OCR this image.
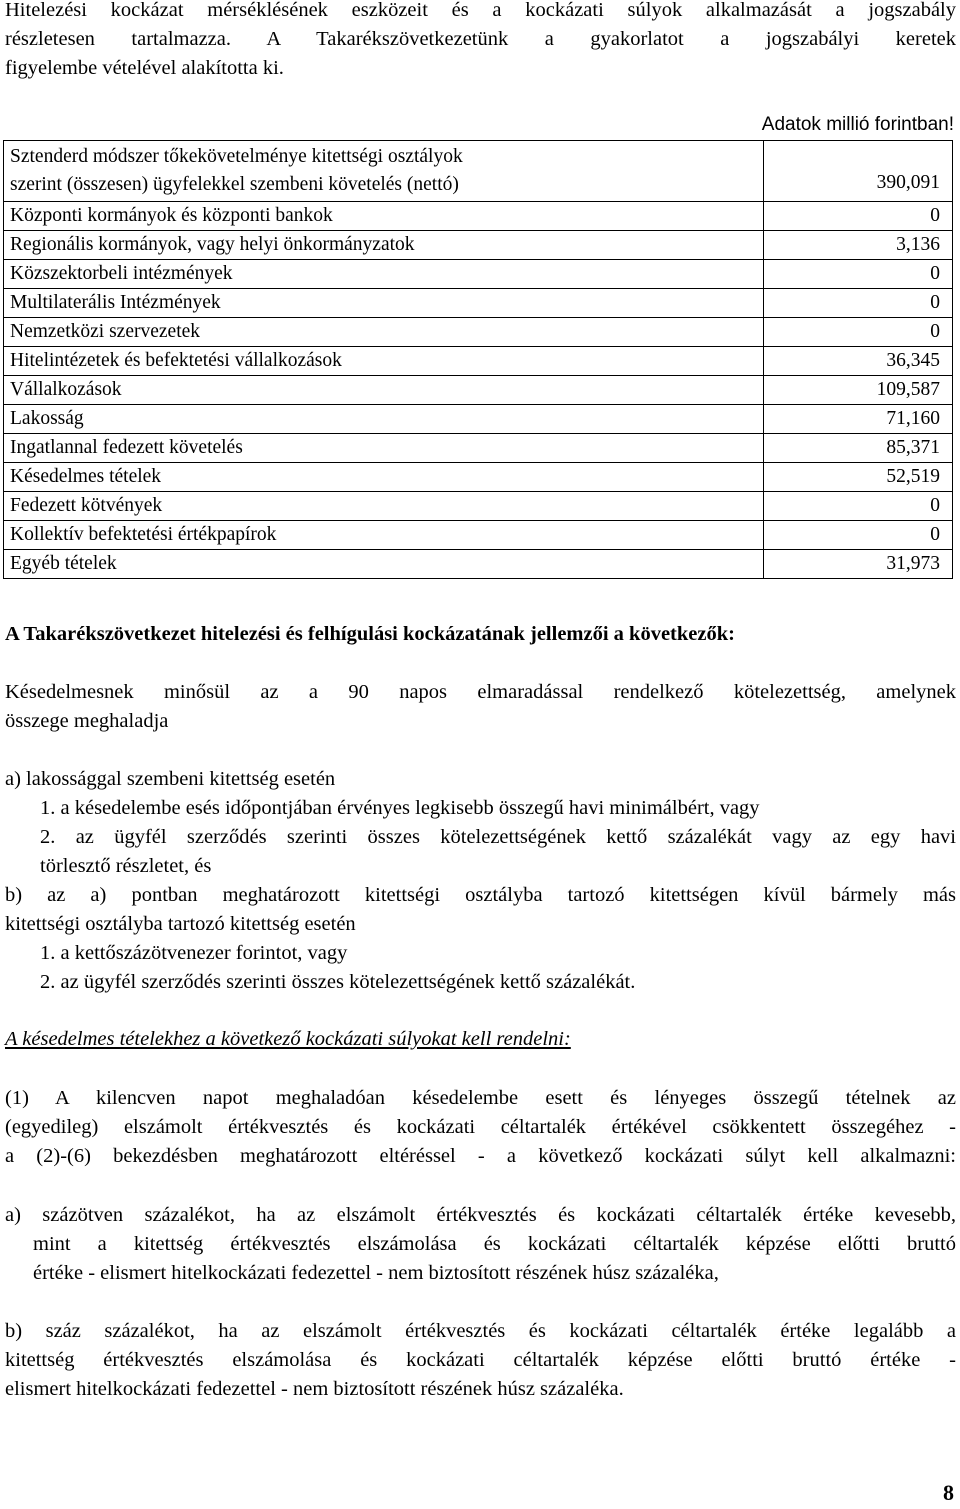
Hitelezési kockázat mérséklésének eszközeit és a kockázati súlyok alkalmazását a jogszabály

részletesen tartalmazza. A Takarékszövetkezetünk a gyakorlatot a jogszabályi keretek

figyelembe vételével alakította ki.

Adatok millió forintban!
Sztenderd módszer tőkekövetelménye kitettségi osztályok
szerint (összesen) ügyfelekkel szembeni követelés (nettó)	390,091
Központi kormányok és központi bankok	0
Regionális kormányok, vagy helyi önkormányzatok	3,136
Közszektorbeli intézmények	0
Multilaterális Intézmények	0
Nemzetközi szervezetek	0
Hitelintézetek és befektetési vállalkozások	36,345
Vállalkozások	109,587
Lakosság	71,160
Ingatlannal fedezett követelés	85,371
Késedelmes tételek	52,519
Fedezett kötvények	0
Kollektív befektetési értékpapírok	0
Egyéb tételek	31,973

A Takarékszövetkezet hitelezési és felhígulási kockázatának jellemzői a következők:

Késedelmesnek minősül az a 90 napos elmaradással rendelkező kötelezettség, amelynek

összege meghaladja

a) lakossággal szembeni kitettség esetén

1. a késedelembe esés időpontjában érvényes legkisebb összegű havi minimálbért, vagy

2. az ügyfél szerződés szerinti összes kötelezettségének kettő százalékát vagy az egy havi

törlesztő részletet, és

b) az a) pontban meghatározott kitettségi osztályba tartozó kitettségen kívül bármely más

kitettségi osztályba tartozó kitettség esetén

1. a kettőszázötvenezer forintot, vagy

2. az ügyfél szerződés szerinti összes kötelezettségének kettő százalékát.

A késedelmes tételekhez a következő kockázati súlyokat kell rendelni:

(1) A kilencven napot meghaladóan késedelembe esett és lényeges összegű tételnek az

(egyedileg) elszámolt értékvesztés és kockázati céltartalék értékével csökkentett összegéhez -

a (2)-(6) bekezdésben meghatározott eltéréssel - a következő kockázati súlyt kell alkalmazni:

a) százötven százalékot, ha az elszámolt értékvesztés és kockázati céltartalék értéke kevesebb,

mint a kitettség értékvesztés elszámolása és kockázati céltartalék képzése előtti bruttó

értéke - elismert hitelkockázati fedezettel - nem biztosított részének húsz százaléka,

b) száz százalékot, ha az elszámolt értékvesztés és kockázati céltartalék értéke legalább a

kitettség értékvesztés elszámolása és kockázati céltartalék képzése előtti bruttó értéke -

elismert hitelkockázati fedezettel - nem biztosított részének húsz százaléka.

8
